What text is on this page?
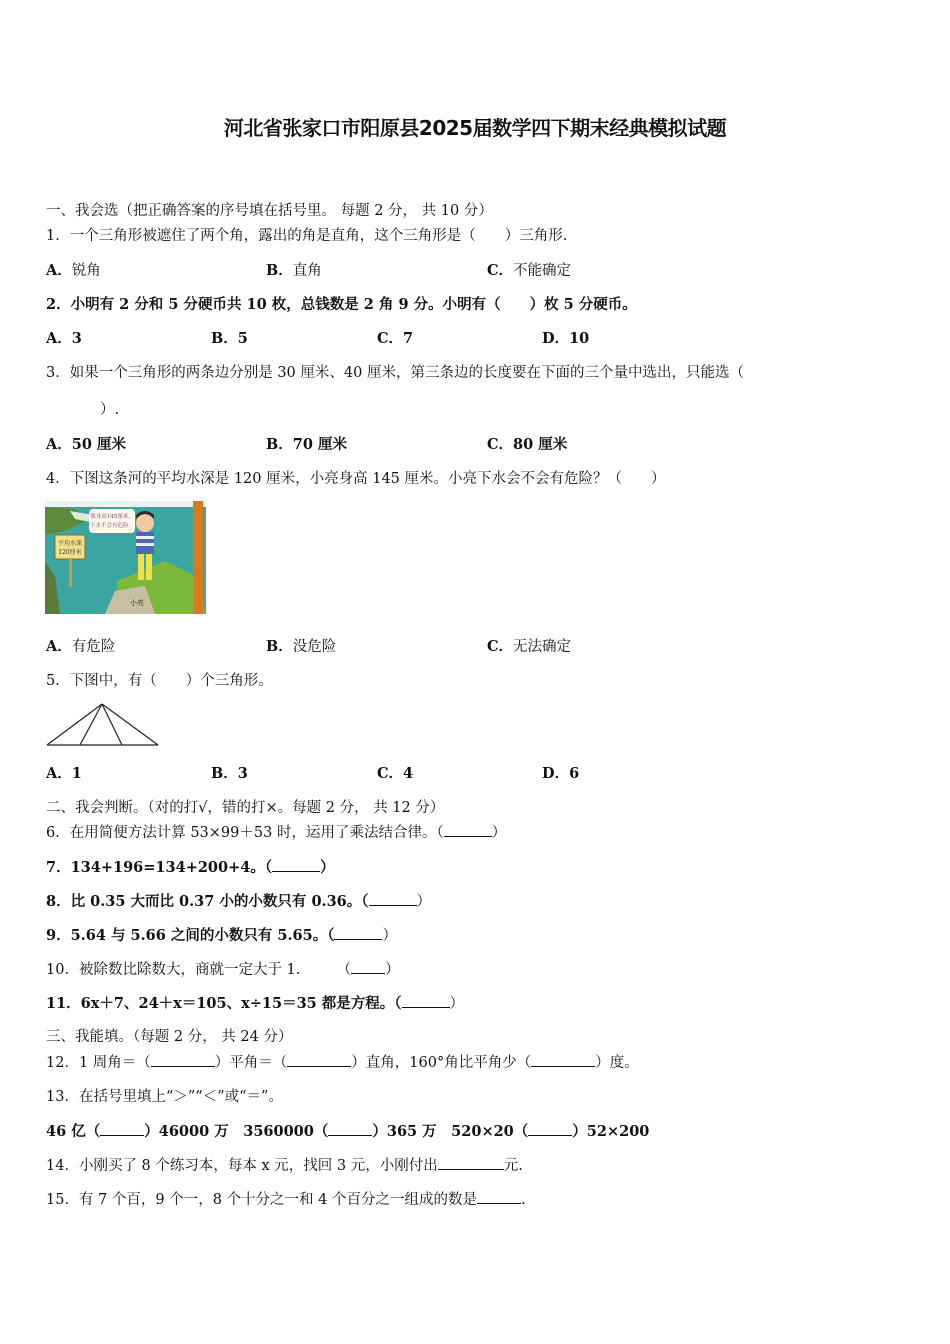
河北省张家口市阳原县2025届数学四下期末经典模拟试题
一、我会选（把正确答案的序号填在括号里。 每题 2 分， 共 10 分）
1．一个三角形被遮住了两个角，露出的角是直角，这个三角形是（　　）三角形.
A．锐角	B．直角	C．不能确定
2．小明有 2 分和 5 分硬币共 10 枚，总钱数是 2 角 9 分。小明有（　　）枚 5 分硬币。
A．3	B．5	C．7	D．10
3．如果一个三角形的两条边分别是 30 厘米、40 厘米，第三条边的长度要在下面的三个量中选出，只能选（
）.
A．50 厘米	B．70 厘米	C．80 厘米
4．下图这条河的平均水深是 120 厘米，小亮身高 145 厘米。小亮下水会不会有危险？（　　）
平均水深
120厘米
我身高145厘米，
下水不会有危险。
小亮
A．有危险	B．没危险	C．无法确定
5．下图中，有（　　）个三角形。
A．1	B．3	C．4	D．6
二、我会判断。（对的打√，错的打×。每题 2 分， 共 12 分）
6．在用简便方法计算 53×99＋53 时，运用了乘法结合律。（	）
7．134+196=134+200+4。（	）
8．比 0.35 大而比 0.37 小的小数只有 0.36。（	）
9．5.64 与 5.66 之间的小数只有 5.65。（	）
10．被除数比除数大，商就一定大于 1.　　　（ ）
11．6x＋7、24＋x＝105、x÷15＝35 都是方程。（	）
三、我能填。（每题 2 分， 共 24 分）
12．1 周角＝（	）平角＝（	）直角，160°角比平角少（	）度。
13．在括号里填上“＞”“＜”或“＝”。
46 亿（	）46000 万　3560000（	）365 万　520×20（	）52×200
14．小刚买了 8 个练习本，每本 x 元，找回 3 元，小刚付出	元.
15．有 7 个百，9 个一，8 个十分之一和 4 个百分之一组成的数是	.
